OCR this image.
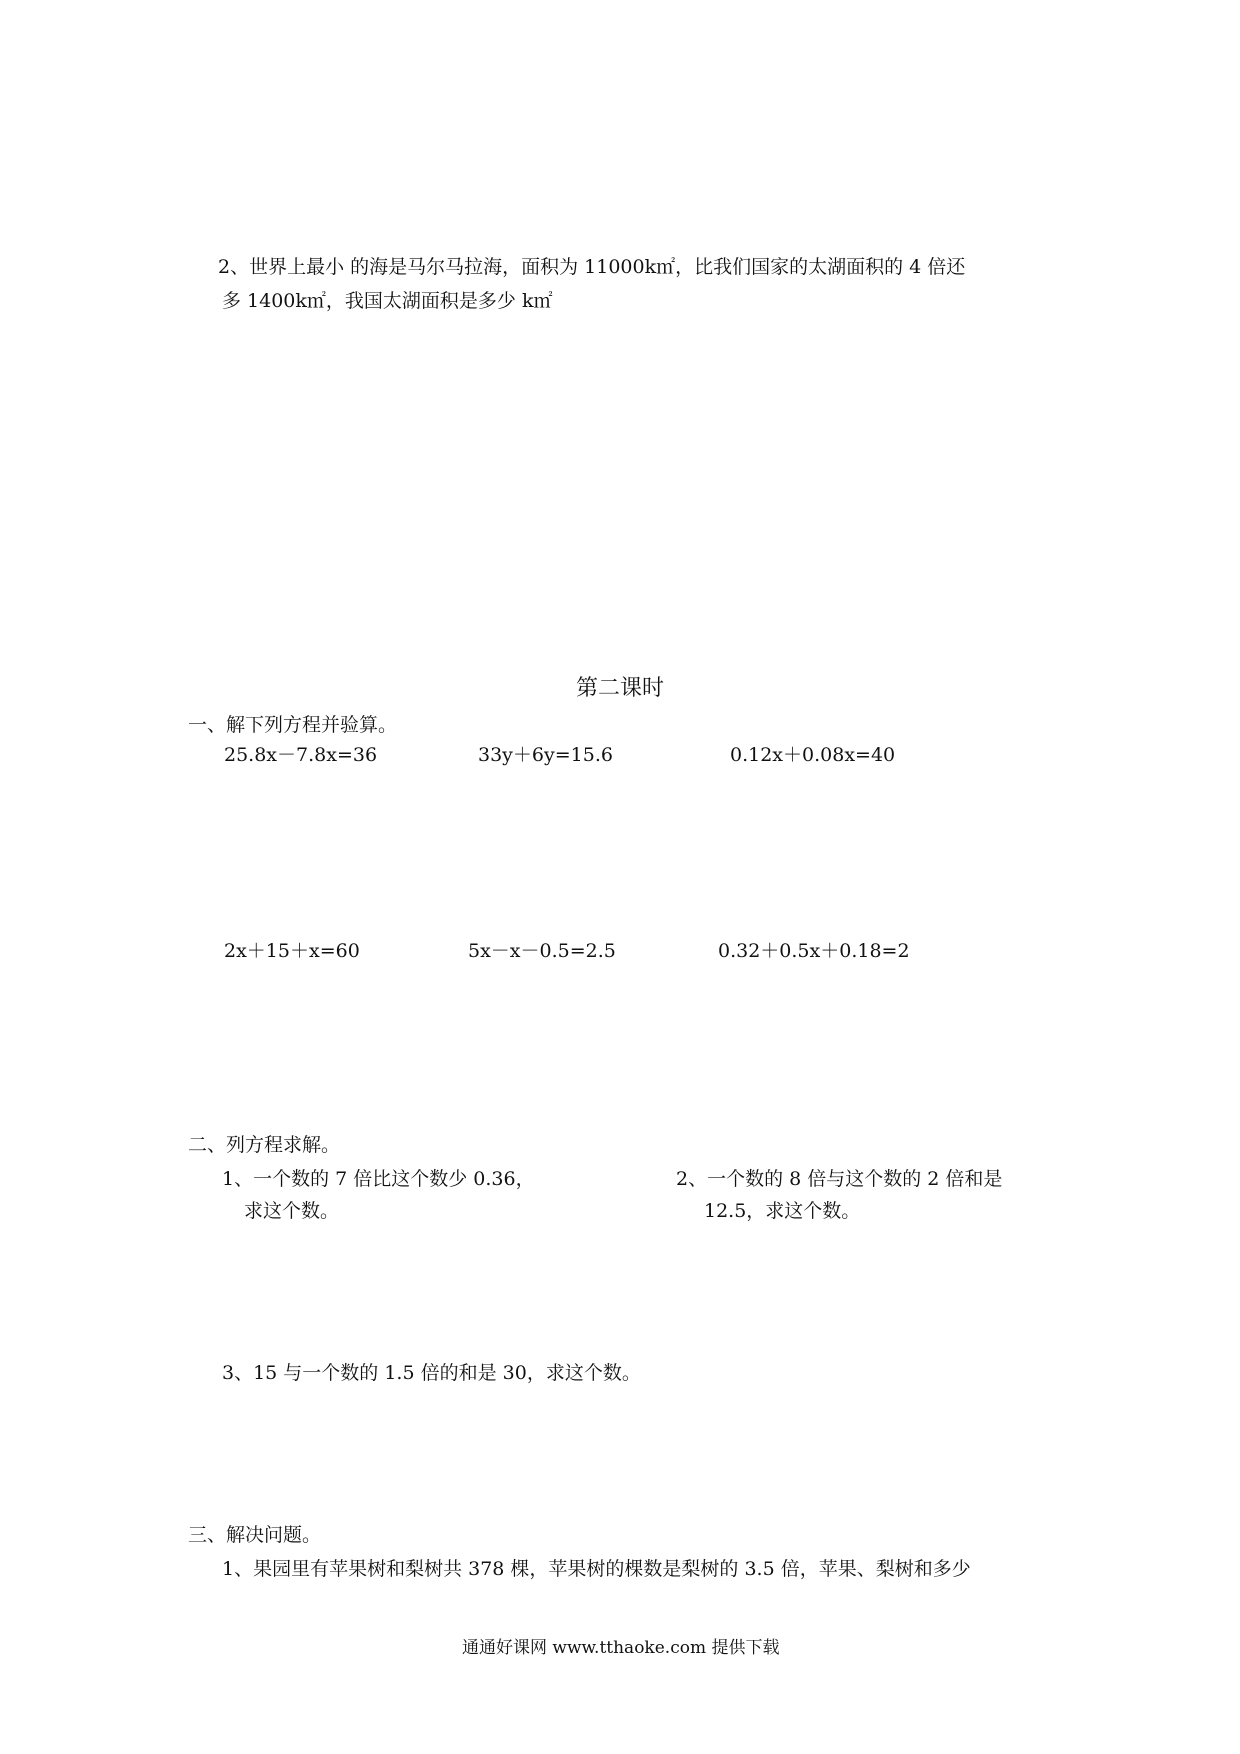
2、世界上最小 的海是马尔马拉海，面积为 11000k㎡，比我们国家的太湖面积的 4 倍还
多 1400k㎡，我国太湖面积是多少 k㎡
第二课时
一、解下列方程并验算。
25.8x－7.8x=36	33y＋6y=15.6	0.12x＋0.08x=40
2x＋15＋x=60	5x－x－0.5=2.5	0.32＋0.5x＋0.18=2
二、列方程求解。
1、一个数的 7 倍比这个数少 0.36，
求这个数。
2、一个数的 8 倍与这个数的 2 倍和是
12.5，求这个数。
3、15 与一个数的 1.5 倍的和是 30，求这个数。
三、解决问题。
1、果园里有苹果树和梨树共 378 棵，苹果树的棵数是梨树的 3.5 倍，苹果、梨树和多少
通通好课网 www.tthaoke.com 提供下载
